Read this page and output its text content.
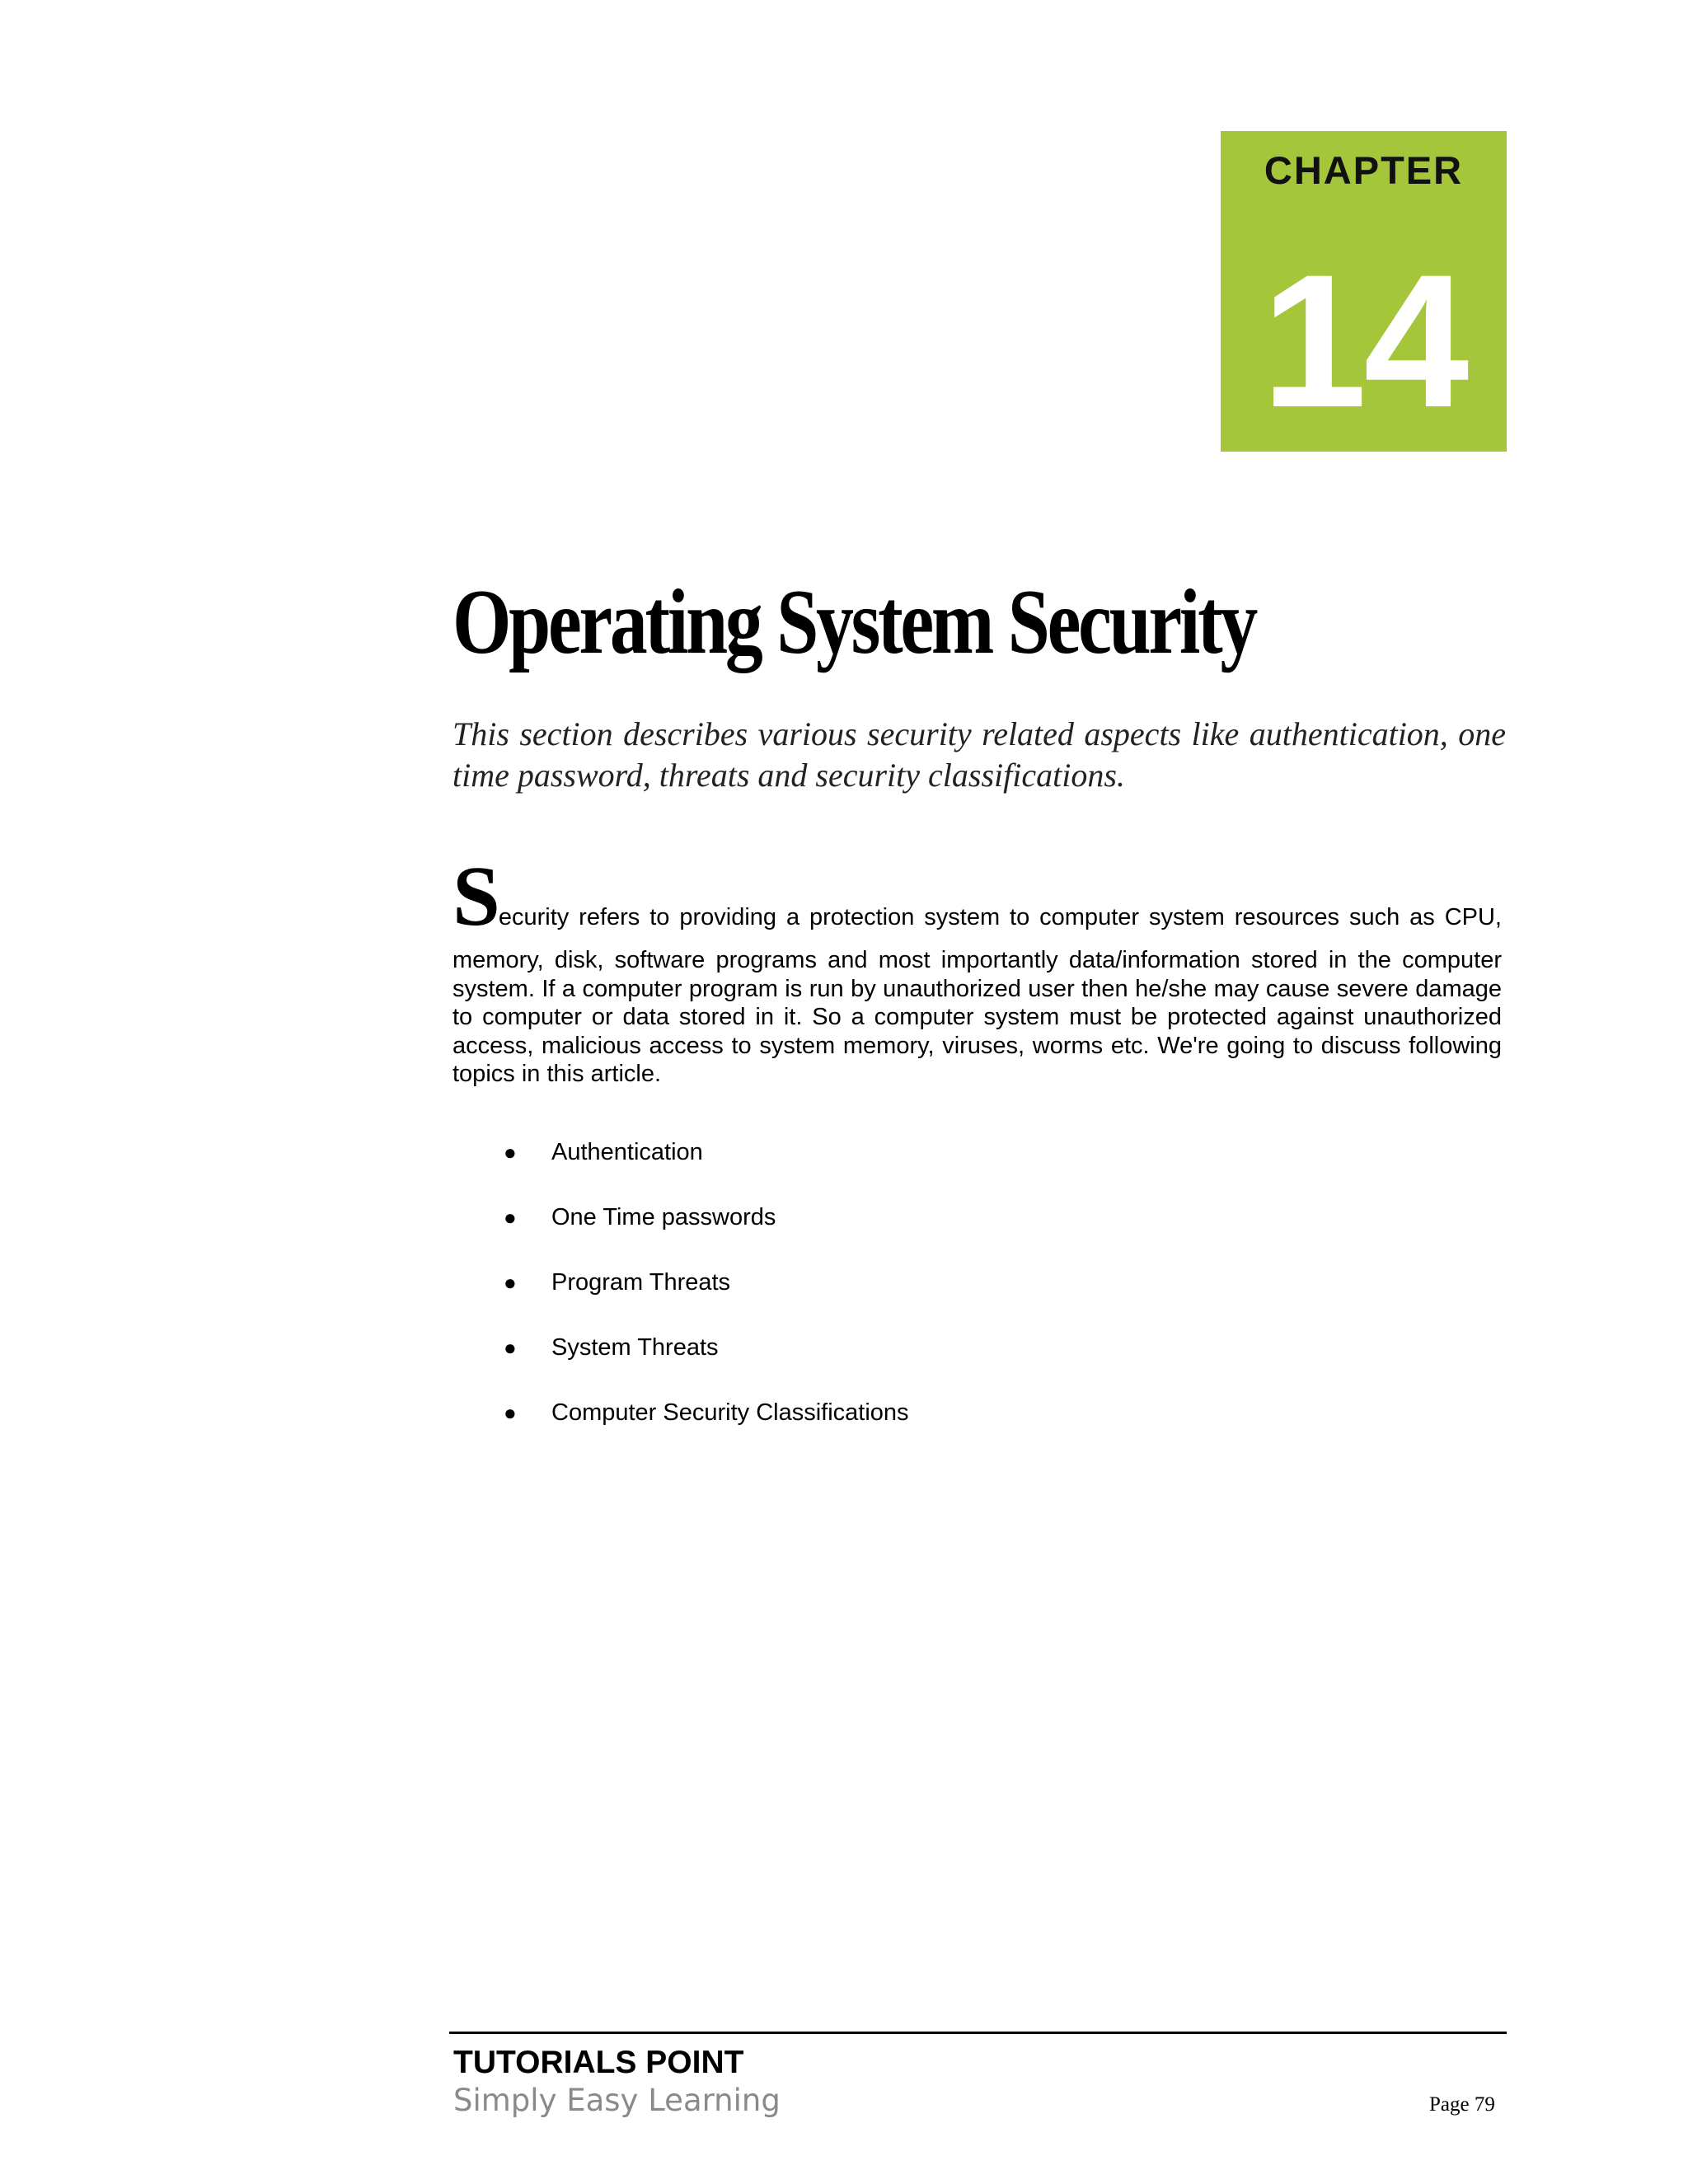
CHAPTER
14
Operating System Security

This section describes various security related aspects like authentication, one time password, threats and security classifications.

Security refers to providing a protection system to computer system resources such as CPU,
memory, disk, software programs and most importantly data/information stored in the computer system. If a computer program is run by unauthorized user then he/she may cause severe damage to computer or data stored in it. So a computer system must be protected against unauthorized access, malicious access to system memory, viruses, worms etc. We're going to discuss following topics in this article.
● Authentication
● One Time passwords
● Program Threats
● System Threats
● Computer Security Classifications
TUTORIALS POINT
Simply Easy Learning	Page 79
